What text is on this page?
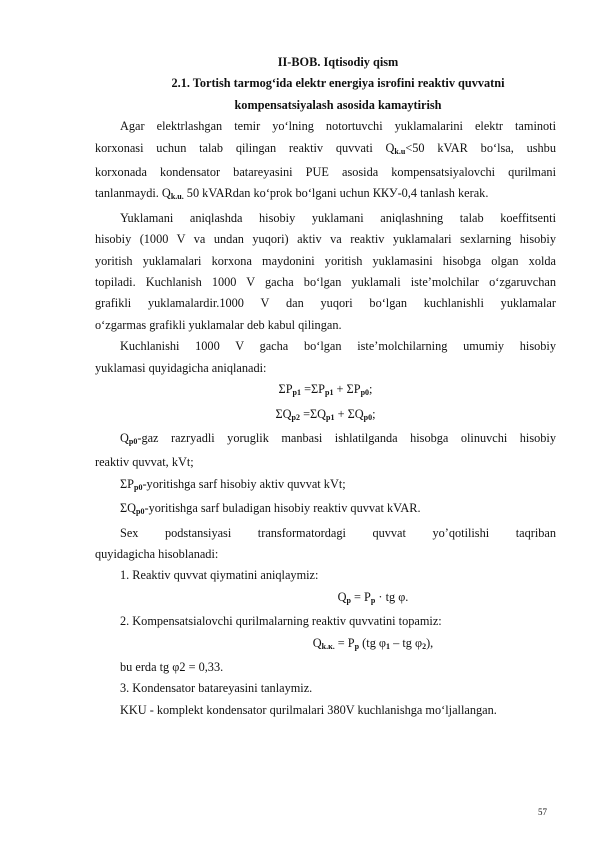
II-BOB. Iqtisodiy qism
2.1. Tortish tarmog‘ida elektr energiya isrofini reaktiv quvvatni
kompensatsiyalash asosida kamaytirish
Agar elektrlashgan temir yo‘lning notortuvchi yuklamalarini elektr taminoti
korxonasi uchun talab qilingan reaktiv quvvati $Q_{k.u}<50$ kVAR bo‘lsa, ushbu
korxonada kondensator batareyasini PUE asosida kompensatsiyalovchi qurilmani
tanlanmaydi. $Q_{k.u.}$ 50 kVARdan ko‘prok bo‘lgani uchun ККУ-0,4 tanlash kerak.
Yuklamani aniqlashda hisobiy yuklamani aniqlashning talab koeffitsenti
hisobiy (1000 V va undan yuqori) aktiv va reaktiv yuklamalari sexlarning hisobiy
yoritish yuklamalari korxona maydonini yoritish yuklamasini hisobga olgan xolda
topiladi. Kuchlanish 1000 V gacha bo‘lgan yuklamali iste’molchilar o‘zgaruvchan
grafikli yuklamalardir.1000 V dan yuqori bo‘lgan kuchlanishli yuklamalar
o‘zgarmas grafikli yuklamalar deb kabul qilingan.
Kuchlanishi 1000 V gacha bo‘lgan iste’molchilarning umumiy hisobiy
yuklamasi quyidagicha aniqlanadi:
$\Sigma P_{p1} =\Sigma P_{p1} + \Sigma P_{p0}$;
$\Sigma Q_{p2} =\Sigma Q_{p1} + \Sigma Q_{p0}$;
$Q_{p0}$-gaz razryadli yoruglik manbasi ishlatilganda hisobga olinuvchi hisobiy
reaktiv quvvat, kVt;
$\Sigma P_{p0}$-yoritishga sarf hisobiy aktiv quvvat kVt;
$\Sigma Q_{p0}$-yoritishga sarf buladigan hisobiy reaktiv quvvat kVAR.
Sex podstansiyasi transformatordagi quvvat yo’qotilishi taqriban
quyidagicha hisoblanadi:
1. Reaktiv quvvat qiymatini aniqlaymiz:
$Q_p = P_p$ · tg φ.
2. Kompensatsialovchi qurilmalarning reaktiv quvvatini topamiz:
$Q_{k.к.} = P_p$ (tg $\varphi_1$ – tg $\varphi_2$),
bu erda tg φ2 = 0,33.
3. Kondensator batareyasini tanlaymiz.
KKU - komplekt kondensator qurilmalari 380V kuchlanishga mo‘ljallangan.
57
